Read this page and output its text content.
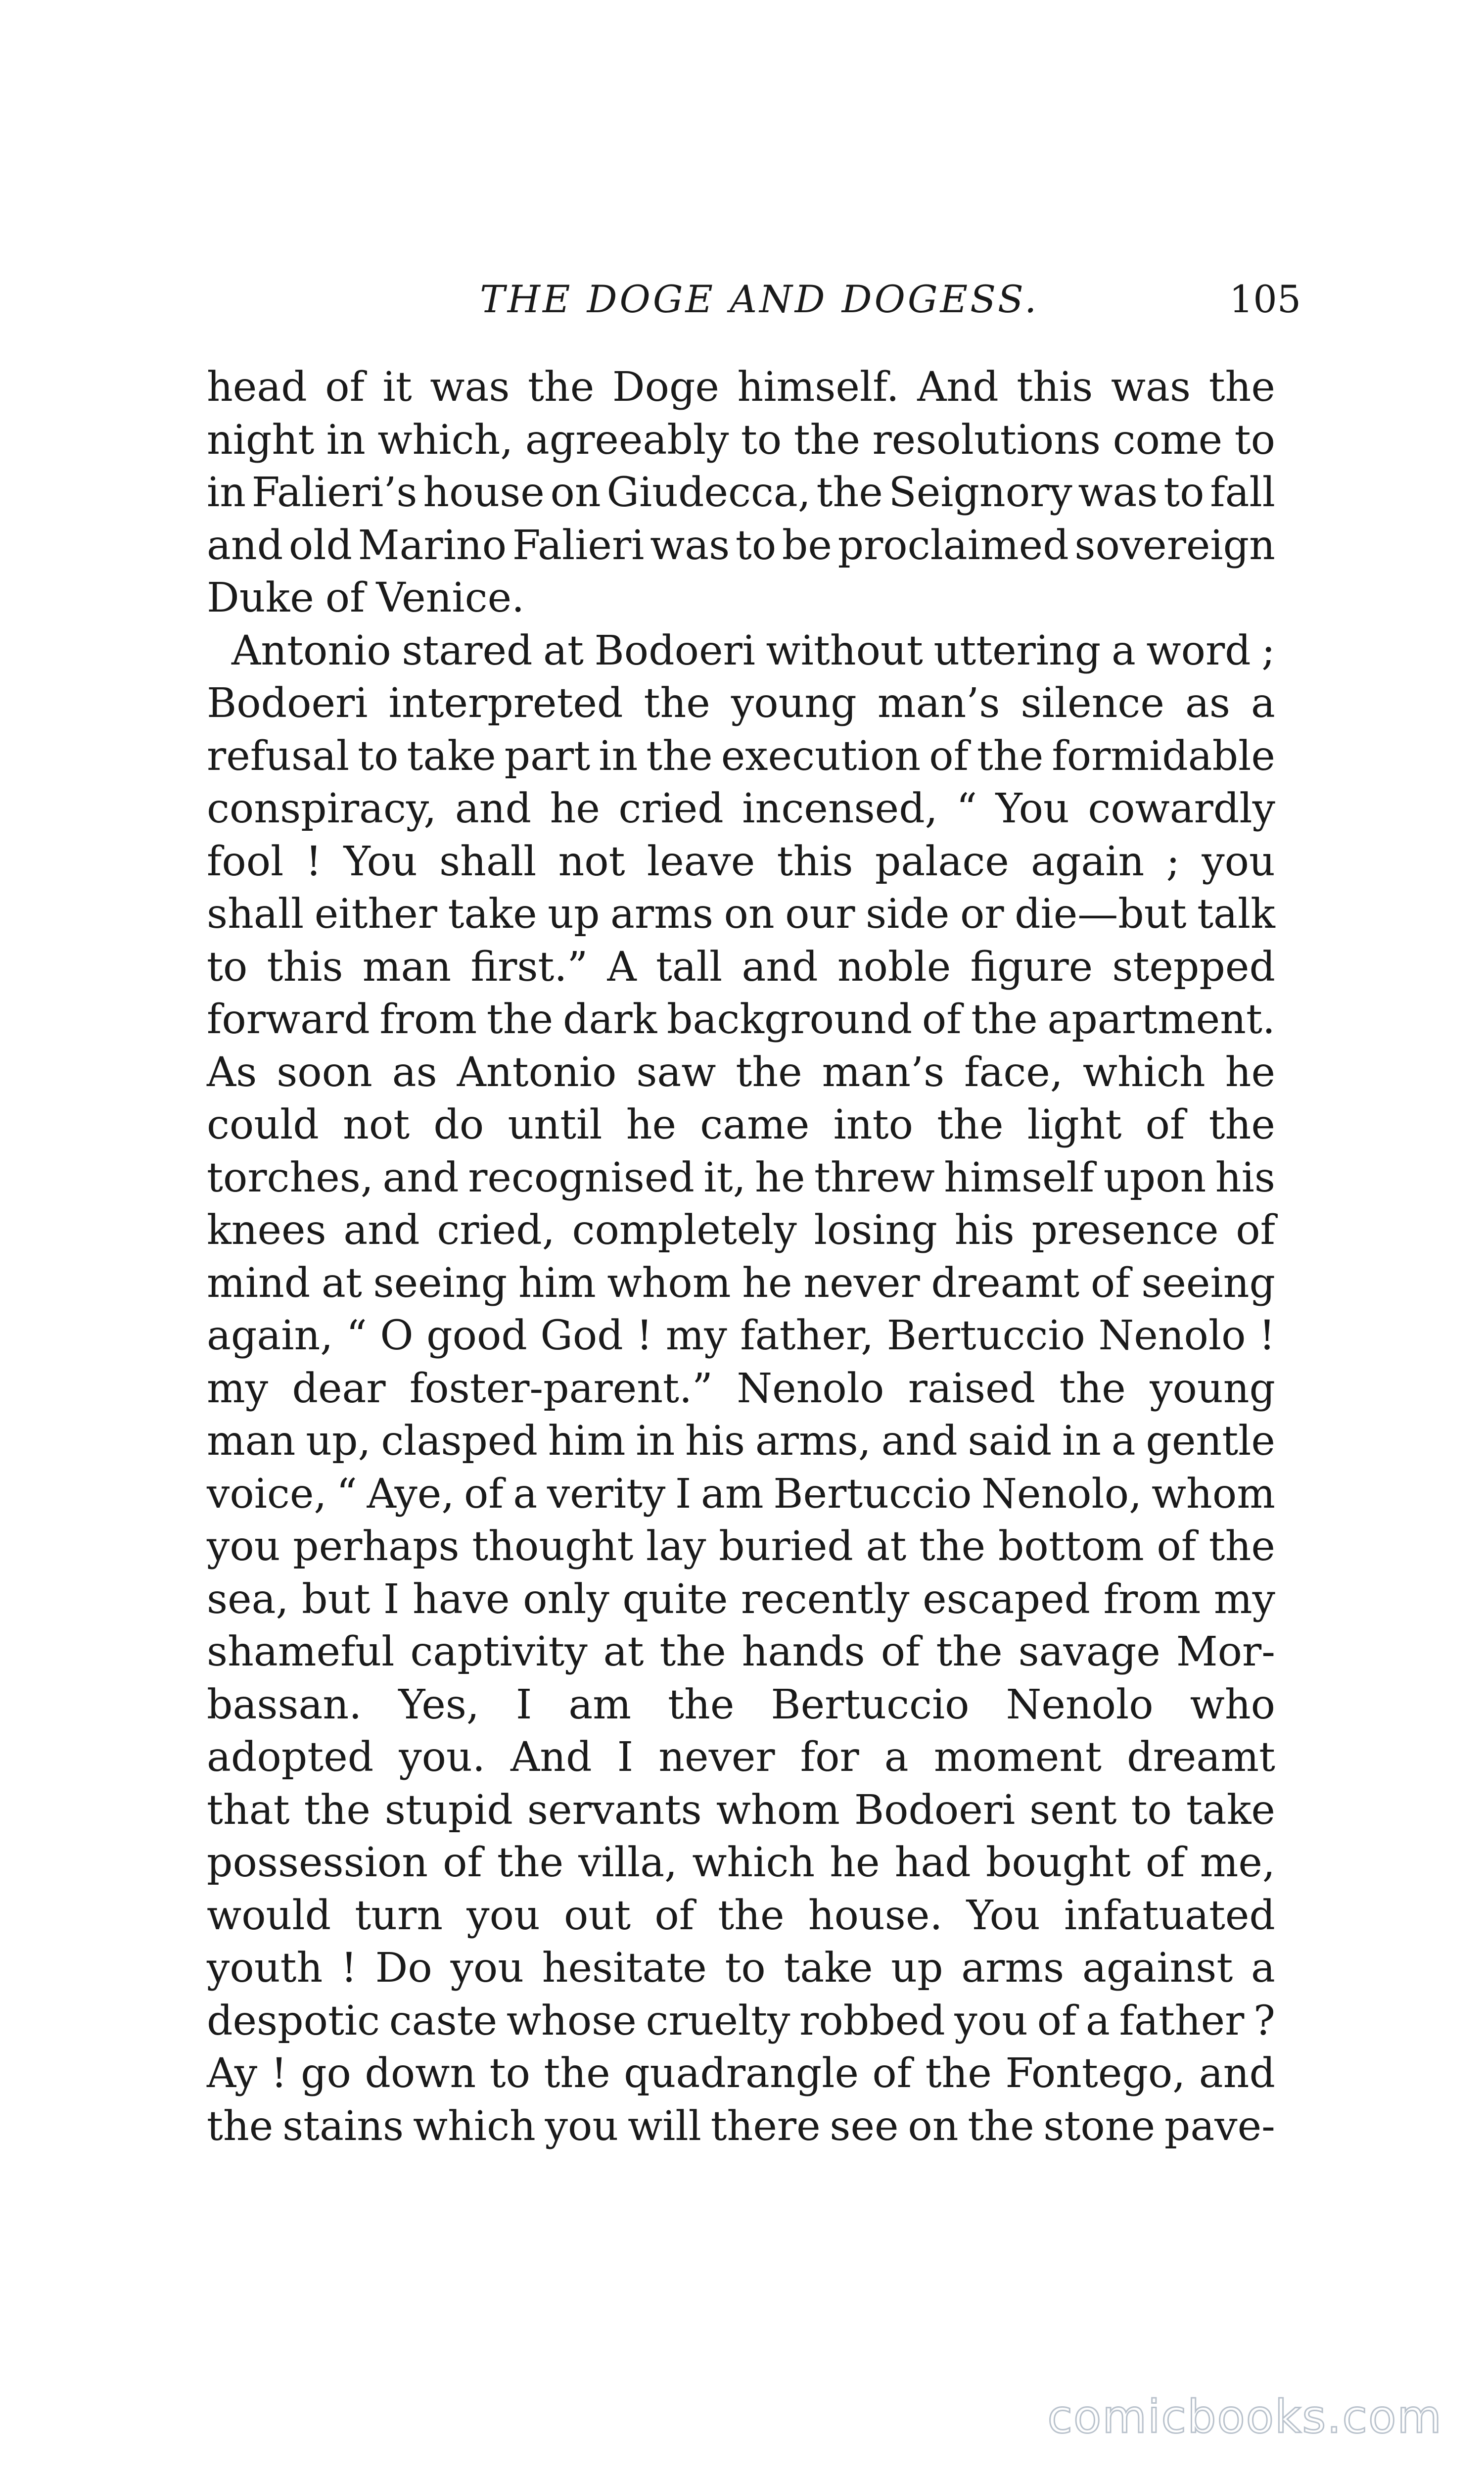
THE DOGE AND DOGESS.	105
head of it was the Doge himself. And this was the
night in which, agreeably to the resolutions come to
in Falieri’s house on Giudecca, the Seignory was to fall
and old Marino Falieri was to be proclaimed sovereign
Duke of Venice.
Antonio stared at Bodoeri without uttering a word ;
Bodoeri interpreted the young man’s silence as a
refusal to take part in the execution of the formidable
conspiracy, and he cried incensed, “ You cowardly
fool ! You shall not leave this palace again ; you
shall either take up arms on our side or die—but talk
to this man first.” A tall and noble figure stepped
forward from the dark background of the apartment.
As soon as Antonio saw the man’s face, which he
could not do until he came into the light of the
torches, and recognised it, he threw himself upon his
knees and cried, completely losing his presence of
mind at seeing him whom he never dreamt of seeing
again, “ O good God ! my father, Bertuccio Nenolo !
my dear foster-parent.” Nenolo raised the young
man up, clasped him in his arms, and said in a gentle
voice, “ Aye, of a verity I am Bertuccio Nenolo, whom
you perhaps thought lay buried at the bottom of the
sea, but I have only quite recently escaped from my
shameful captivity at the hands of the savage Mor-
bassan. Yes, I am the Bertuccio Nenolo who
adopted you. And I never for a moment dreamt
that the stupid servants whom Bodoeri sent to take
possession of the villa, which he had bought of me,
would turn you out of the house. You infatuated
youth ! Do you hesitate to take up arms against a
despotic caste whose cruelty robbed you of a father ?
Ay ! go down to the quadrangle of the Fontego, and
the stains which you will there see on the stone pave-
comicbooks.com
